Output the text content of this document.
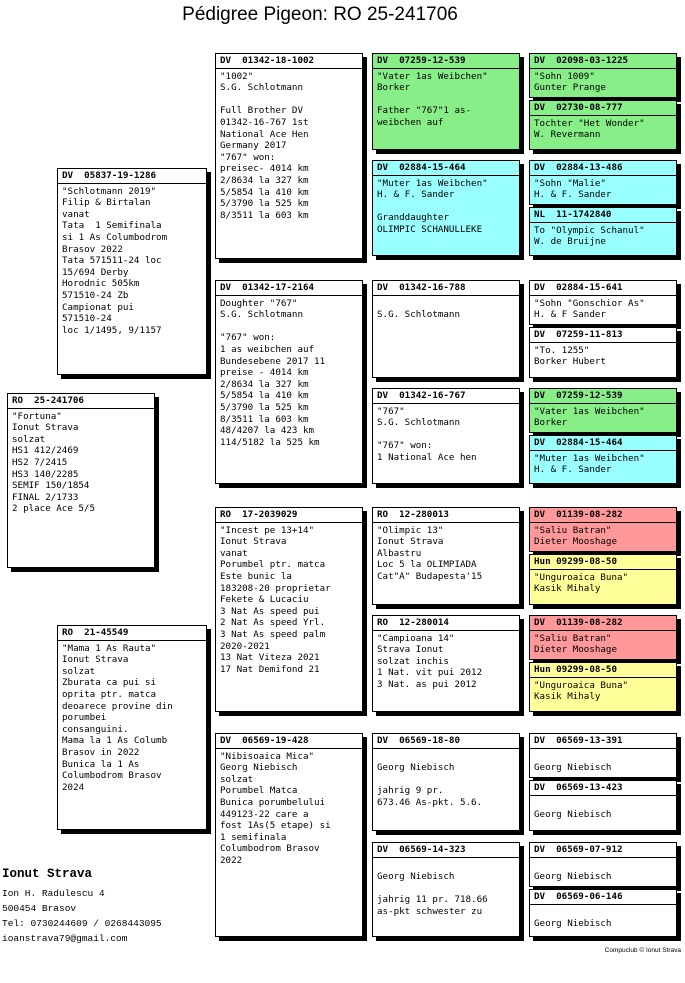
Pédigree Pigeon: RO 25-241706
RO  25-241706
"Fortuna"
Ionut Strava
solzat
HS1 412/2469
HS2 7/2415
HS3 140/2285
SEMIF 150/1854
FINAL 2/1733
2 place Ace 5/5
DV  05837-19-1286
"Schlotmann 2019"
Filip & Birtalan
vanat
Tata  1 Semifinala
si 1 As Columbodrom
Brasov 2022
Tata 571511-24 loc
15/694 Derby
Horodnic 505km
571510-24 Zb
Campionat pui
571510-24
loc 1/1495, 9/1157
RO  21-45549
"Mama 1 As Rauta"
Ionut Strava
solzat
Zburata ca pui si
oprita ptr. matca
deoarece provine din
porumbei
consanguini.
Mama la 1 As Columb
Brasov in 2022
Bunica la 1 As
Columbodrom Brasov
2024
DV  01342-18-1002
"1002"
S.G. Schlotmann

Full Brother DV
01342-16-767 1st
National Ace Hen
Germany 2017
"767" won:
preisec- 4014 km
2/8634 la 327 km
5/5854 la 410 km
5/3790 la 525 km
8/3511 la 603 km
DV  01342-17-2164
Doughter "767"
S.G. Schlotmann

"767" won:
1 as weibchen auf
Bundesebene 2017 11
preise - 4014 km
2/8634 la 327 km
5/5854 la 410 km
5/3790 la 525 km
8/3511 la 603 km
48/4207 la 423 km
114/5182 la 525 km
RO  17-2039029
"Incest pe 13+14"
Ionut Strava
vanat
Porumbel ptr. matca
Este bunic la
183208-20 proprietar
Fekete & Lucaciu
3 Nat As speed pui
2 Nat As speed Yrl.
3 Nat As speed palm
2020-2021
13 Nat Viteza 2021
17 Nat Demifond 21
DV  06569-19-428
"Nibisoaica Mica"
Georg Niebisch
solzat
Porumbel Matca
Bunica porumbelului
449123-22 care a
fost 1As(5 etape) si
1 semifinala
Columbodrom Brasov
2022
DV  07259-12-539
"Vater 1as Weibchen"
Borker

Father "767"1 as-
weibchen auf
DV  02884-15-464
"Muter 1as Weibchen"
H. & F. Sander

Granddaughter
OLIMPIC SCHANULLEKE
DV  01342-16-788

S.G. Schlotmann
DV  01342-16-767
"767"
S.G. Schlotmann

"767" won:
1 National Ace hen
RO  12-280013
"Olimpic 13"
Ionut Strava
Albastru
Loc 5 la OLIMPIADA
Cat"A" Budapesta'15
RO  12-280014
"Campioana 14"
Strava Ionut
solzat inchis
1 Nat. vit pui 2012
3 Nat. as pui 2012
DV  06569-18-80

Georg Niebisch

jahrig 9 pr.
673.46 As-pkt. 5.6.
DV  06569-14-323

Georg Niebisch

jahrig 11 pr. 718.66
as-pkt schwester zu
DV  02098-03-1225
"Sohn 1009"
Gunter Prange
DV  02730-08-777
Tochter "Het Wonder"
W. Revermann
DV  02884-13-486
"Sohn "Malie"
H. & F. Sander
NL  11-1742840
To "Olympic Schanul"
W. de Bruijne
DV  02884-15-641
"Sohn "Gonschior As"
H. & F Sander
DV  07259-11-813
"To. 1255"
Borker Hubert
DV  07259-12-539
"Vater 1as Weibchen"
Borker
DV  02884-15-464
"Muter 1as Weibchen"
H. & F. Sander
DV  01139-08-282
"Saliu Batran"
Dieter Mooshage
Hun 09299-08-50
"Unguroaica Buna"
Kasik Mihaly
DV  01139-08-282
"Saliu Batran"
Dieter Mooshage
Hun 09299-08-50
"Unguroaica Buna"
Kasik Mihaly
DV  06569-13-391

Georg Niebisch
DV  06569-13-423

Georg Niebisch
DV  06569-07-912

Georg Niebisch
DV  06569-06-146

Georg Niebisch
Ionut Strava
Ion H. Radulescu 4
500454 Brasov
Tel: 0730244609 / 0268443095
ioanstrava79@gmail.com
Compuclub © Ionut Strava
